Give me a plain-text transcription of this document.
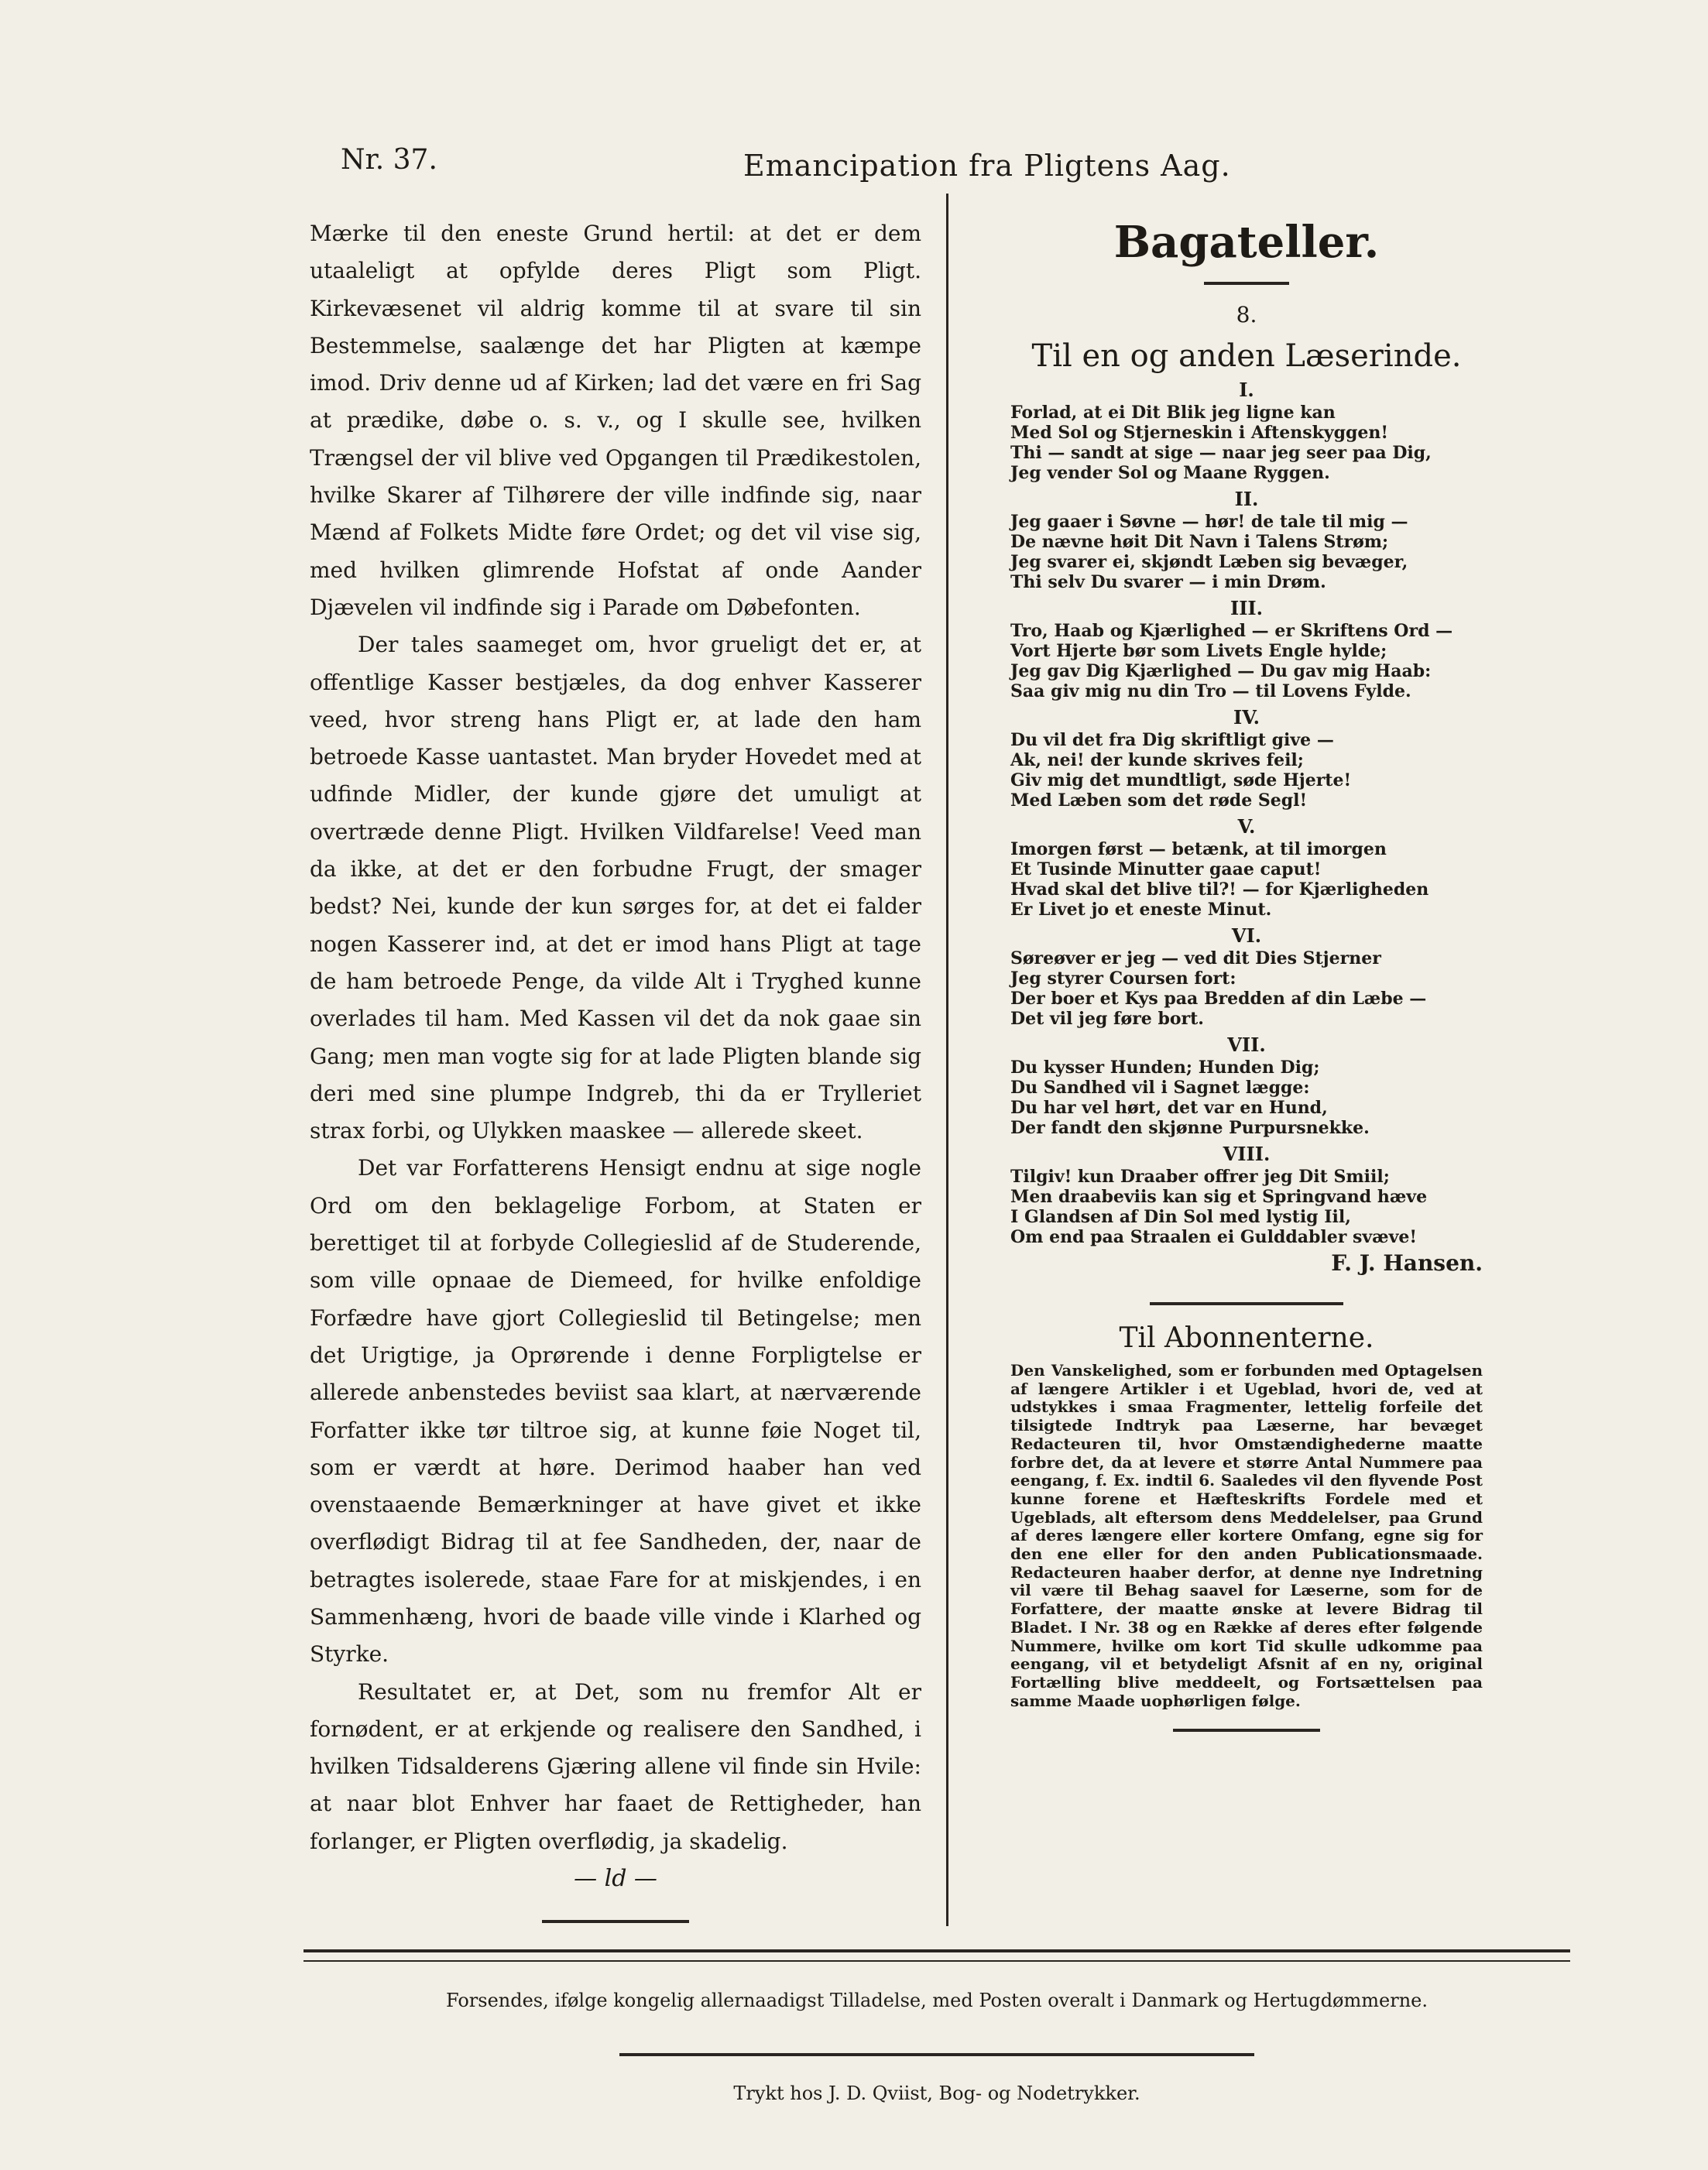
Nr. 37.	Emancipation fra Pligtens Aag.

Mærke til den eneste Grund hertil: at det er dem utaaleligt at opfylde deres Pligt som Pligt. Kirkevæsenet vil aldrig komme til at svare til sin Bestemmelse, saalænge det har Pligten at kæmpe imod. Driv denne ud af Kirken; lad det være en fri Sag at prædike, døbe o. s. v., og I skulle see, hvilken Trængsel der vil blive ved Opgangen til Prædikestolen, hvilke Skarer af Tilhørere der ville indfinde sig, naar Mænd af Folkets Midte føre Ordet; og det vil vise sig, med hvilken glimrende Hofstat af onde Aander Djævelen vil indfinde sig i Parade om Døbefonten.

Der tales saameget om, hvor grueligt det er, at offentlige Kasser bestjæles, da dog enhver Kasserer veed, hvor streng hans Pligt er, at lade den ham betroede Kasse uantastet. Man bryder Hovedet med at udfinde Midler, der kunde gjøre det umuligt at overtræde denne Pligt. Hvilken Vildfarelse! Veed man da ikke, at det er den forbudne Frugt, der smager bedst? Nei, kunde der kun sørges for, at det ei falder nogen Kasserer ind, at det er imod hans Pligt at tage de ham betroede Penge, da vilde Alt i Tryghed kunne overlades til ham. Med Kassen vil det da nok gaae sin Gang; men man vogte sig for at lade Pligten blande sig deri med sine plumpe Indgreb, thi da er Trylleriet strax forbi, og Ulykken maaskee — allerede skeet.

Det var Forfatterens Hensigt endnu at sige nogle Ord om den beklagelige Forbom, at Staten er berettiget til at forbyde Collegieslid af de Studerende, som ville opnaae de Diemeed, for hvilke enfoldige Forfædre have gjort Collegieslid til Betingelse; men det Urigtige, ja Oprørende i denne Forpligtelse er allerede anbenstedes beviist saa klart, at nærværende Forfatter ikke tør tiltroe sig, at kunne føie Noget til, som er værdt at høre. Derimod haaber han ved ovenstaaende Bemærkninger at have givet et ikke overflødigt Bidrag til at fee Sandheden, der, naar de betragtes isolerede, staae Fare for at miskjendes, i en Sammenhæng, hvori de baade ville vinde i Klarhed og Styrke.

Resultatet er, at Det, som nu fremfor Alt er fornødent, er at erkjende og realisere den Sandhed, i hvilken Tidsalderens Gjæring allene vil finde sin Hvile: at naar blot Enhver har faaet de Rettigheder, han forlanger, er Pligten overflødig, ja skadelig.

— ld —
Bagateller.
8.
Til en og anden Læserinde.
I.
Forlad, at ei Dit Blik jeg ligne kan
Med Sol og Stjerneskin i Aftenskyggen!
Thi — sandt at sige — naar jeg seer paa Dig,
Jeg vender Sol og Maane Ryggen.
II.
Jeg gaaer i Søvne — hør! de tale til mig —
De nævne høit Dit Navn i Talens Strøm;
Jeg svarer ei, skjøndt Læben sig bevæger,
Thi selv Du svarer — i min Drøm.
III.
Tro, Haab og Kjærlighed — er Skriftens Ord —
Vort Hjerte bør som Livets Engle hylde;
Jeg gav Dig Kjærlighed — Du gav mig Haab:
Saa giv mig nu din Tro — til Lovens Fylde.
IV.
Du vil det fra Dig skriftligt give —
Ak, nei! der kunde skrives feil;
Giv mig det mundtligt, søde Hjerte!
Med Læben som det røde Segl!
V.
Imorgen først — betænk, at til imorgen
Et Tusinde Minutter gaae caput!
Hvad skal det blive til?! — for Kjærligheden
Er Livet jo et eneste Minut.
VI.
Søreøver er jeg — ved dit Dies Stjerner
Jeg styrer Coursen fort:
Der boer et Kys paa Bredden af din Læbe —
Det vil jeg føre bort.
VII.
Du kysser Hunden; Hunden Dig;
Du Sandhed vil i Sagnet lægge:
Du har vel hørt, det var en Hund,
Der fandt den skjønne Purpursnekke.
VIII.
Tilgiv! kun Draaber offrer jeg Dit Smiil;
Men draabeviis kan sig et Springvand hæve
I Glandsen af Din Sol med lystig Iil,
Om end paa Straalen ei Gulddabler svæve!
F. J. Hansen.
Til Abonnenterne.
Den Vanskelighed, som er forbunden med Optagelsen af længere Artikler i et Ugeblad, hvori de, ved at udstykkes i smaa Fragmenter, lettelig forfeile det tilsigtede Indtryk paa Læserne, har bevæget Redacteuren til, hvor Omstændighederne maatte forbre det, da at levere et større Antal Nummere paa eengang, f. Ex. indtil 6. Saaledes vil den flyvende Post kunne forene et Hæfteskrifts Fordele med et Ugeblads, alt eftersom dens Meddelelser, paa Grund af deres længere eller kortere Omfang, egne sig for den ene eller for den anden Publicationsmaade. Redacteuren haaber derfor, at denne nye Indretning vil være til Behag saavel for Læserne, som for de Forfattere, der maatte ønske at levere Bidrag til Bladet. I Nr. 38 og en Række af deres efter følgende Nummere, hvilke om kort Tid skulle udkomme paa eengang, vil et betydeligt Afsnit af en ny, original Fortælling blive meddeelt, og Fortsættelsen paa samme Maade uophørligen følge.
Forsendes, ifølge kongelig allernaadigst Tilladelse, med Posten overalt i Danmark og Hertugdømmerne.
Trykt hos J. D. Qviist, Bog- og Nodetrykker.
